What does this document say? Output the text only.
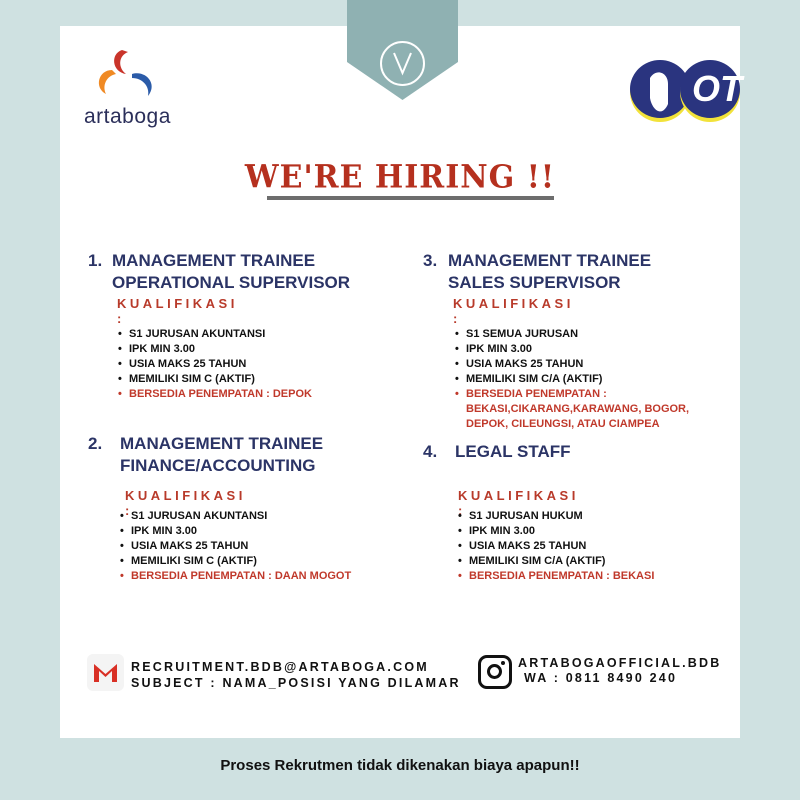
artaboga
OT
WE'RE HIRING !!
1. MANAGEMENT TRAINEE
OPERATIONAL SUPERVISOR
KUALIFIKASI :
• S1 JURUSAN AKUNTANSI
• IPK MIN 3.00
• USIA MAKS 25 TAHUN
• MEMILIKI SIM C (AKTIF)
• BERSEDIA PENEMPATAN : DEPOK
3. MANAGEMENT TRAINEE
SALES SUPERVISOR
KUALIFIKASI :
• S1 SEMUA JURUSAN
• IPK MIN 3.00
• USIA MAKS 25 TAHUN
• MEMILIKI SIM C/A (AKTIF)
• BERSEDIA PENEMPATAN :
BEKASI,CIKARANG,KARAWANG, BOGOR,
DEPOK, CILEUNGSI, ATAU CIAMPEA
2. MANAGEMENT TRAINEE
FINANCE/ACCOUNTING
KUALIFIKASI :
• S1 JURUSAN AKUNTANSI
• IPK MIN 3.00
• USIA MAKS 25 TAHUN
• MEMILIKI SIM C (AKTIF)
• BERSEDIA PENEMPATAN : DAAN MOGOT
4. LEGAL STAFF
KUALIFIKASI : • S1 JURUSAN HUKUM
• IPK MIN 3.00
• USIA MAKS 25 TAHUN
• MEMILIKI SIM C/A (AKTIF)
• BERSEDIA PENEMPATAN : BEKASI
RECRUITMENT.BDB@ARTABOGA.COM
SUBJECT : NAMA_POSISI YANG DILAMAR
ARTABOGAOFFICIAL.BDB
WA : 0811 8490 240
Proses Rekrutmen tidak dikenakan biaya apapun!!
